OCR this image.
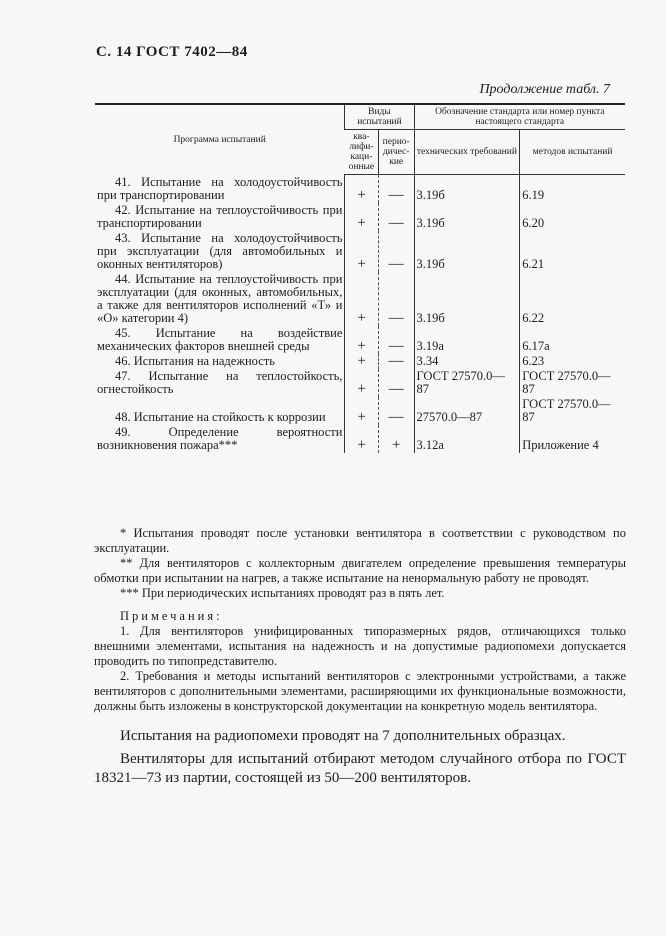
С. 14 ГОСТ 7402—84
Продолжение табл. 7
Программа испытаний	Виды испытаний		Обозначение стандарта или номер пункта настоящего стандарта	
	ква-лифи-каци-онные	перио-дичес-кие	технических требований	методов испытаний

41. Испытание на холодоустойчивость при транспортировании	+	—	3.19б	6.19

42. Испытание на теплоустойчивость при транспортировании	+	—	3.19б	6.20

43. Испытание на холодоустойчивость при эксплуатации (для автомобильных и оконных вентиляторов)	+	—	3.19б	6.21

44. Испытание на теплоустойчивость при эксплуатации (для оконных, автомобильных, а также для вентиляторов исполнений «Т» и «О» категории 4)	+	—	3.19б	6.22

45. Испытание на воздействие механических факторов внешней среды	+	—	3.19а	6.17а

46. Испытания на надежность	+	—	3.34	6.23

47. Испытание на теплостойкость, огнестойкость	+	—	ГОСТ 27570.0—87	ГОСТ 27570.0—87

48. Испытание на стойкость к коррозии	+	—	27570.0—87	ГОСТ 27570.0—87

49. Определение вероятности возникновения пожара***	+	+	3.12а	Приложение 4

* Испытания проводят после установки вентилятора в соответствии с руководством по эксплуатации.

** Для вентиляторов с коллекторным двигателем определение превышения температуры обмотки при испытании на нагрев, а также испытание на ненормальную работу не проводят.

*** При периодических испытаниях проводят раз в пять лет.

Примечания:

1. Для вентиляторов унифицированных типоразмерных рядов, отличающихся только внешними элементами, испытания на надежность и на допустимые радиопомехи допускается проводить по типопредставителю.

2. Требования и методы испытаний вентиляторов с электронными устройствами, а также вентиляторов с дополнительными элементами, расширяющими их функциональные возможности, должны быть изложены в конструкторской документации на конкретную модель вентилятора.

Испытания на радиопомехи проводят на 7 дополнительных образцах.

Вентиляторы для испытаний отбирают методом случайного отбора по ГОСТ 18321—73 из партии, состоящей из 50—200 вентиляторов.
